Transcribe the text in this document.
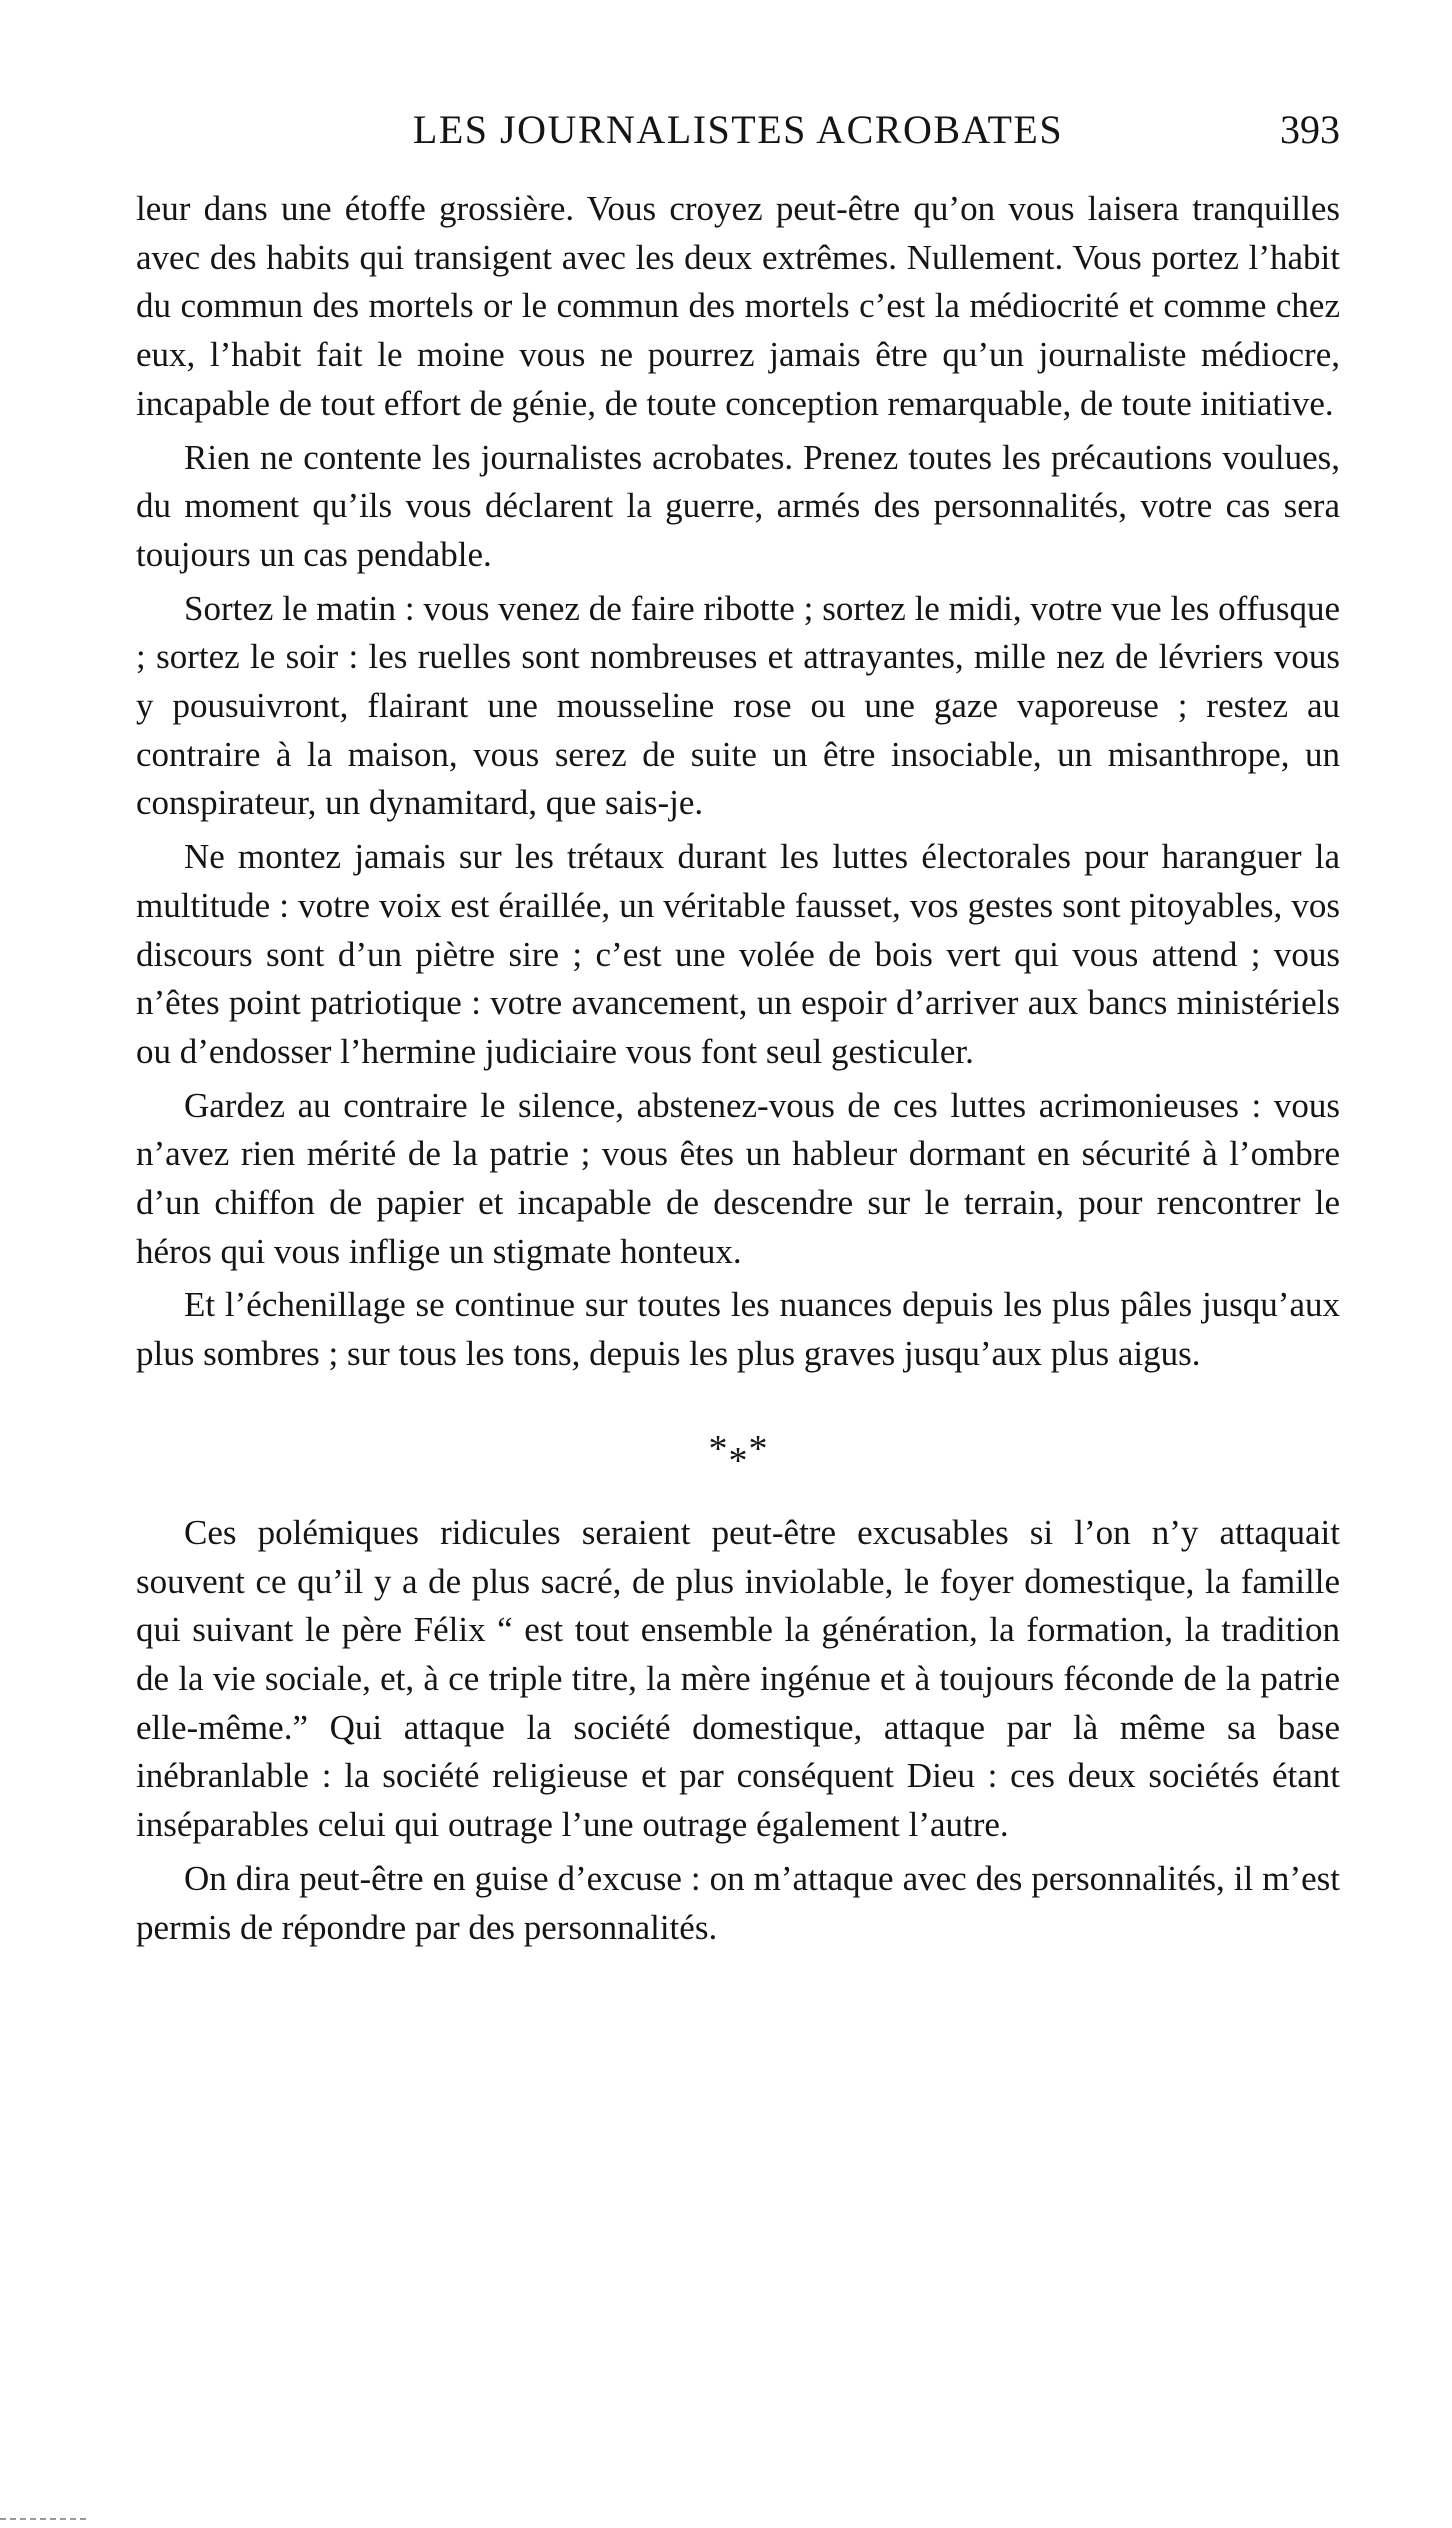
LES JOURNALISTES ACROBATES	393

leur dans une étoffe grossière. Vous croyez peut-être qu’on vous laisera tranquilles avec des habits qui transigent avec les deux extrêmes. Nullement. Vous portez l’habit du commun des mortels or le commun des mortels c’est la médiocrité et comme chez eux, l’habit fait le moine vous ne pourrez jamais être qu’un journaliste médiocre, incapable de tout effort de génie, de toute conception remarquable, de toute initiative.

Rien ne contente les journalistes acrobates. Prenez toutes les précautions voulues, du moment qu’ils vous déclarent la guerre, armés des personnalités, votre cas sera toujours un cas pendable.

Sortez le matin : vous venez de faire ribotte ; sortez le midi, votre vue les offusque ; sortez le soir : les ruelles sont nombreuses et attrayantes, mille nez de lévriers vous y pousuivront, flairant une mousseline rose ou une gaze vaporeuse ; restez au contraire à la maison, vous serez de suite un être insociable, un misanthrope, un conspirateur, un dynamitard, que sais-je.

Ne montez jamais sur les trétaux durant les luttes électorales pour haranguer la multitude : votre voix est éraillée, un véritable fausset, vos gestes sont pitoyables, vos discours sont d’un piètre sire ; c’est une volée de bois vert qui vous attend ; vous n’êtes point patriotique : votre avancement, un espoir d’arriver aux bancs ministériels ou d’endosser l’hermine judiciaire vous font seul gesticuler.

Gardez au contraire le silence, abstenez-vous de ces luttes acrimonieuses : vous n’avez rien mérité de la patrie ; vous êtes un hableur dormant en sécurité à l’ombre d’un chiffon de papier et incapable de descendre sur le terrain, pour rencontrer le héros qui vous inflige un stigmate honteux.

Et l’échenillage se continue sur toutes les nuances depuis les plus pâles jusqu’aux plus sombres ; sur tous les tons, depuis les plus graves jusqu’aux plus aigus.

***

Ces polémiques ridicules seraient peut-être excusables si l’on n’y attaquait souvent ce qu’il y a de plus sacré, de plus inviolable, le foyer domestique, la famille qui suivant le père Félix “ est tout ensemble la génération, la formation, la tradition de la vie sociale, et, à ce triple titre, la mère ingénue et à toujours féconde de la patrie elle-même.” Qui attaque la société domestique, attaque par là même sa base inébranlable : la société religieuse et par conséquent Dieu : ces deux sociétés étant inséparables celui qui outrage l’une outrage également l’autre.

On dira peut-être en guise d’excuse : on m’attaque avec des personnalités, il m’est permis de répondre par des personnalités.
